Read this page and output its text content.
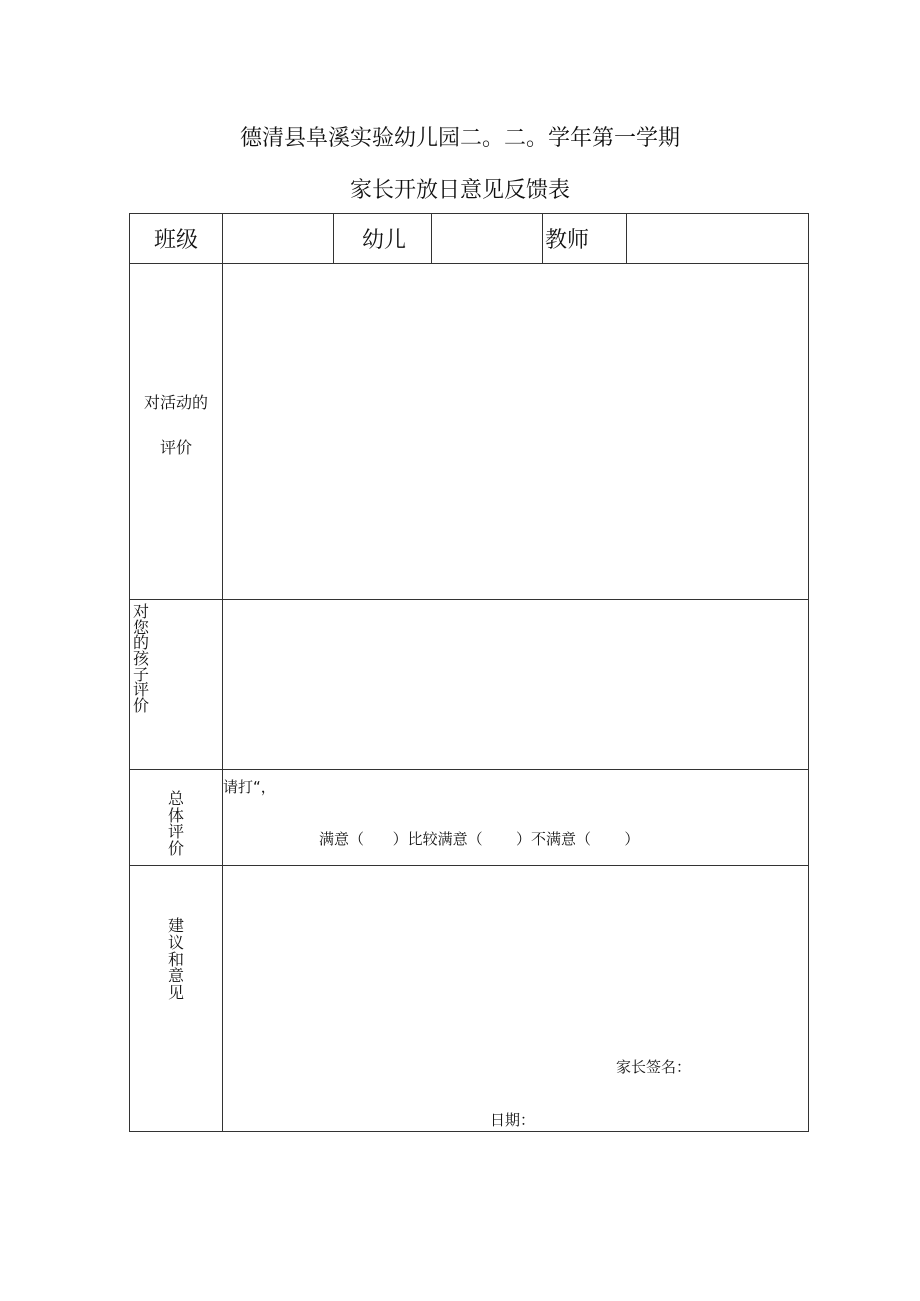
德清县阜溪实验幼儿园二。二。学年第一学期
家长开放日意见反馈表
班级		幼儿		教师	

对活动的
评价					

对您的孩子评价					
总体评价	请打“，
满意（      ）比较满意（       ）不满意（       ）				

建议和意见	家长签名：
日期：				
